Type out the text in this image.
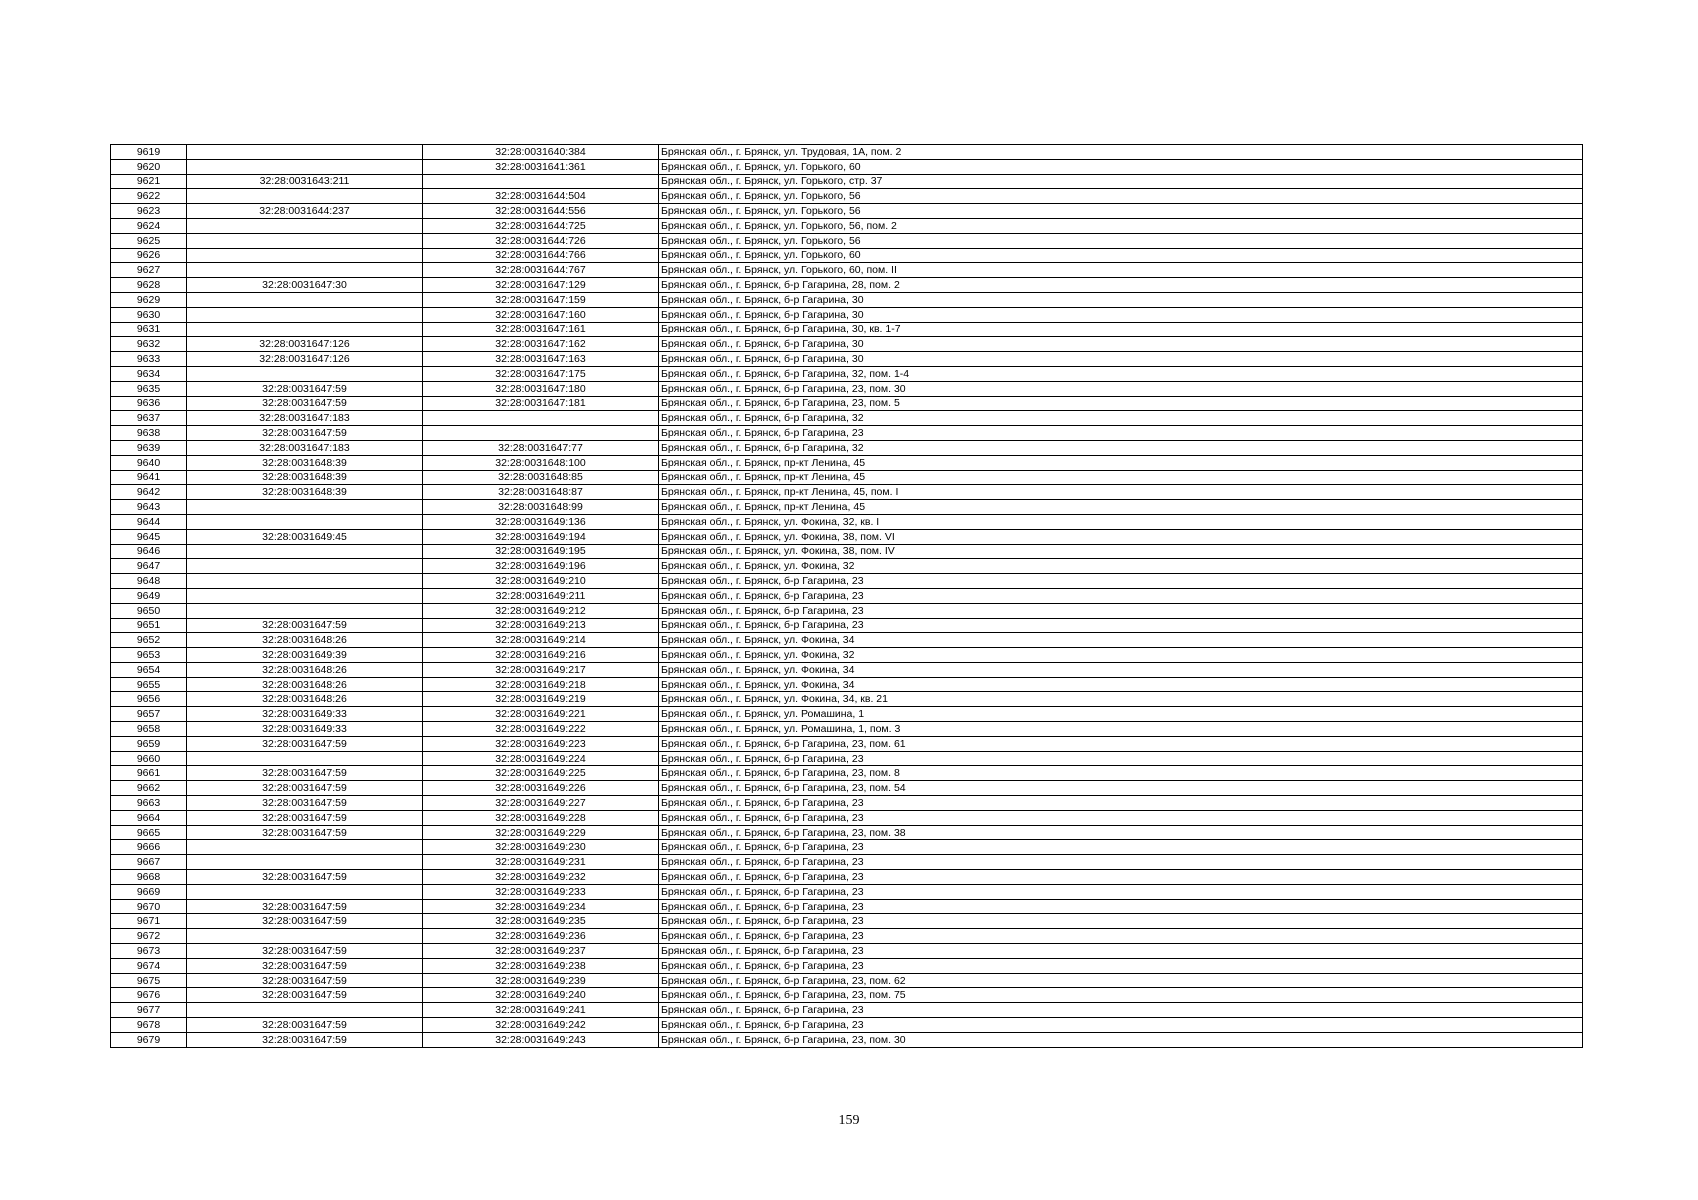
9619		32:28:0031640:384	Брянская обл., г. Брянск, ул. Трудовая, 1А, пом. 2
9620		32:28:0031641:361	Брянская обл., г. Брянск, ул. Горького, 60
9621	32:28:0031643:211		Брянская обл., г. Брянск, ул. Горького, стр. 37
9622		32:28:0031644:504	Брянская обл., г. Брянск, ул. Горького, 56
9623	32:28:0031644:237	32:28:0031644:556	Брянская обл., г. Брянск, ул. Горького, 56
9624		32:28:0031644:725	Брянская обл., г. Брянск, ул. Горького, 56, пом. 2
9625		32:28:0031644:726	Брянская обл., г. Брянск, ул. Горького, 56
9626		32:28:0031644:766	Брянская обл., г. Брянск, ул. Горького, 60
9627		32:28:0031644:767	Брянская обл., г. Брянск, ул. Горького, 60, пом. II
9628	32:28:0031647:30	32:28:0031647:129	Брянская обл., г. Брянск, б-р Гагарина, 28, пом. 2
9629		32:28:0031647:159	Брянская обл., г. Брянск, б-р Гагарина, 30
9630		32:28:0031647:160	Брянская обл., г. Брянск, б-р Гагарина, 30
9631		32:28:0031647:161	Брянская обл., г. Брянск, б-р Гагарина, 30, кв. 1-7
9632	32:28:0031647:126	32:28:0031647:162	Брянская обл., г. Брянск, б-р Гагарина, 30
9633	32:28:0031647:126	32:28:0031647:163	Брянская обл., г. Брянск, б-р Гагарина, 30
9634		32:28:0031647:175	Брянская обл., г. Брянск, б-р Гагарина, 32, пом. 1-4
9635	32:28:0031647:59	32:28:0031647:180	Брянская обл., г. Брянск, б-р Гагарина, 23, пом. 30
9636	32:28:0031647:59	32:28:0031647:181	Брянская обл., г. Брянск, б-р Гагарина, 23, пом. 5
9637	32:28:0031647:183		Брянская обл., г. Брянск, б-р Гагарина, 32
9638	32:28:0031647:59		Брянская обл., г. Брянск, б-р Гагарина, 23
9639	32:28:0031647:183	32:28:0031647:77	Брянская обл., г. Брянск, б-р Гагарина, 32
9640	32:28:0031648:39	32:28:0031648:100	Брянская обл., г. Брянск, пр-кт Ленина, 45
9641	32:28:0031648:39	32:28:0031648:85	Брянская обл., г. Брянск, пр-кт Ленина, 45
9642	32:28:0031648:39	32:28:0031648:87	Брянская обл., г. Брянск, пр-кт Ленина, 45, пом. I
9643		32:28:0031648:99	Брянская обл., г. Брянск, пр-кт Ленина, 45
9644		32:28:0031649:136	Брянская обл., г. Брянск, ул. Фокина, 32, кв. I
9645	32:28:0031649:45	32:28:0031649:194	Брянская обл., г. Брянск, ул. Фокина, 38, пом. VI
9646		32:28:0031649:195	Брянская обл., г. Брянск, ул. Фокина, 38, пом. IV
9647		32:28:0031649:196	Брянская обл., г. Брянск, ул. Фокина, 32
9648		32:28:0031649:210	Брянская обл., г. Брянск, б-р Гагарина, 23
9649		32:28:0031649:211	Брянская обл., г. Брянск, б-р Гагарина, 23
9650		32:28:0031649:212	Брянская обл., г. Брянск, б-р Гагарина, 23
9651	32:28:0031647:59	32:28:0031649:213	Брянская обл., г. Брянск, б-р Гагарина, 23
9652	32:28:0031648:26	32:28:0031649:214	Брянская обл., г. Брянск, ул. Фокина, 34
9653	32:28:0031649:39	32:28:0031649:216	Брянская обл., г. Брянск, ул. Фокина, 32
9654	32:28:0031648:26	32:28:0031649:217	Брянская обл., г. Брянск, ул. Фокина, 34
9655	32:28:0031648:26	32:28:0031649:218	Брянская обл., г. Брянск, ул. Фокина, 34
9656	32:28:0031648:26	32:28:0031649:219	Брянская обл., г. Брянск, ул. Фокина, 34, кв. 21
9657	32:28:0031649:33	32:28:0031649:221	Брянская обл., г. Брянск, ул. Ромашина, 1
9658	32:28:0031649:33	32:28:0031649:222	Брянская обл., г. Брянск, ул. Ромашина, 1, пом. 3
9659	32:28:0031647:59	32:28:0031649:223	Брянская обл., г. Брянск, б-р Гагарина, 23, пом. 61
9660		32:28:0031649:224	Брянская обл., г. Брянск, б-р Гагарина, 23
9661	32:28:0031647:59	32:28:0031649:225	Брянская обл., г. Брянск, б-р Гагарина, 23, пом. 8
9662	32:28:0031647:59	32:28:0031649:226	Брянская обл., г. Брянск, б-р Гагарина, 23, пом. 54
9663	32:28:0031647:59	32:28:0031649:227	Брянская обл., г. Брянск, б-р Гагарина, 23
9664	32:28:0031647:59	32:28:0031649:228	Брянская обл., г. Брянск, б-р Гагарина, 23
9665	32:28:0031647:59	32:28:0031649:229	Брянская обл., г. Брянск, б-р Гагарина, 23, пом. 38
9666		32:28:0031649:230	Брянская обл., г. Брянск, б-р Гагарина, 23
9667		32:28:0031649:231	Брянская обл., г. Брянск, б-р Гагарина, 23
9668	32:28:0031647:59	32:28:0031649:232	Брянская обл., г. Брянск, б-р Гагарина, 23
9669		32:28:0031649:233	Брянская обл., г. Брянск, б-р Гагарина, 23
9670	32:28:0031647:59	32:28:0031649:234	Брянская обл., г. Брянск, б-р Гагарина, 23
9671	32:28:0031647:59	32:28:0031649:235	Брянская обл., г. Брянск, б-р Гагарина, 23
9672		32:28:0031649:236	Брянская обл., г. Брянск, б-р Гагарина, 23
9673	32:28:0031647:59	32:28:0031649:237	Брянская обл., г. Брянск, б-р Гагарина, 23
9674	32:28:0031647:59	32:28:0031649:238	Брянская обл., г. Брянск, б-р Гагарина, 23
9675	32:28:0031647:59	32:28:0031649:239	Брянская обл., г. Брянск, б-р Гагарина, 23, пом. 62
9676	32:28:0031647:59	32:28:0031649:240	Брянская обл., г. Брянск, б-р Гагарина, 23, пом. 75
9677		32:28:0031649:241	Брянская обл., г. Брянск, б-р Гагарина, 23
9678	32:28:0031647:59	32:28:0031649:242	Брянская обл., г. Брянск, б-р Гагарина, 23
9679	32:28:0031647:59	32:28:0031649:243	Брянская обл., г. Брянск, б-р Гагарина, 23, пом. 30
159
